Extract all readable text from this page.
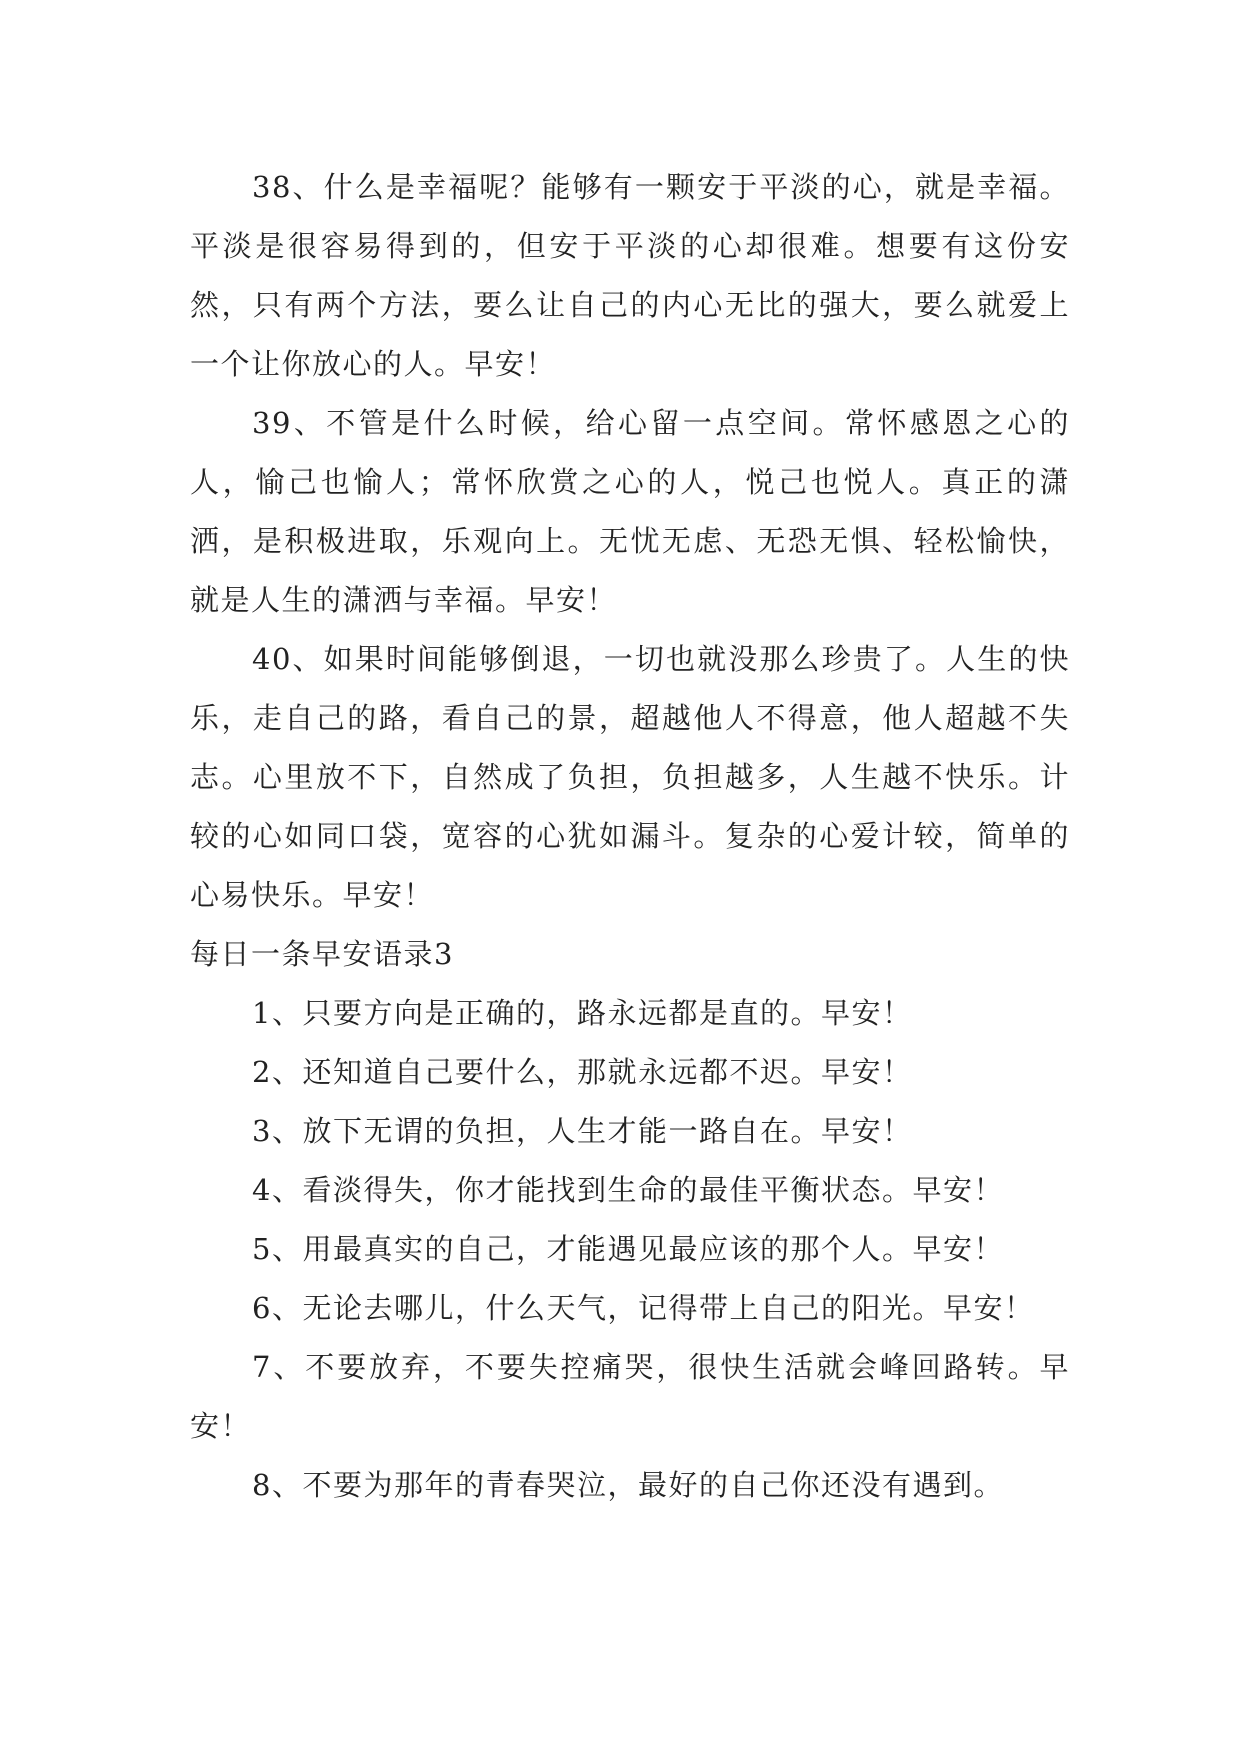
38、什么是幸福呢？能够有一颗安于平淡的心，就是幸福。平淡是很容易得到的，但安于平淡的心却很难。想要有这份安然，只有两个方法，要么让自己的内心无比的强大，要么就爱上一个让你放心的人。早安！

39、不管是什么时候，给心留一点空间。常怀感恩之心的人，愉己也愉人；常怀欣赏之心的人，悦己也悦人。真正的潇洒，是积极进取，乐观向上。无忧无虑、无恐无惧、轻松愉快，就是人生的潇洒与幸福。早安！

40、如果时间能够倒退，一切也就没那么珍贵了。人生的快乐，走自己的路，看自己的景，超越他人不得意，他人超越不失志。心里放不下，自然成了负担，负担越多，人生越不快乐。计较的心如同口袋，宽容的心犹如漏斗。复杂的心爱计较，简单的心易快乐。早安！

每日一条早安语录3

1、只要方向是正确的，路永远都是直的。早安！

2、还知道自己要什么，那就永远都不迟。早安！

3、放下无谓的负担，人生才能一路自在。早安！

4、看淡得失，你才能找到生命的最佳平衡状态。早安！

5、用最真实的自己，才能遇见最应该的那个人。早安！

6、无论去哪儿，什么天气，记得带上自己的阳光。早安！

7、不要放弃，不要失控痛哭，很快生活就会峰回路转。早安！

8、不要为那年的青春哭泣，最好的自己你还没有遇到。
